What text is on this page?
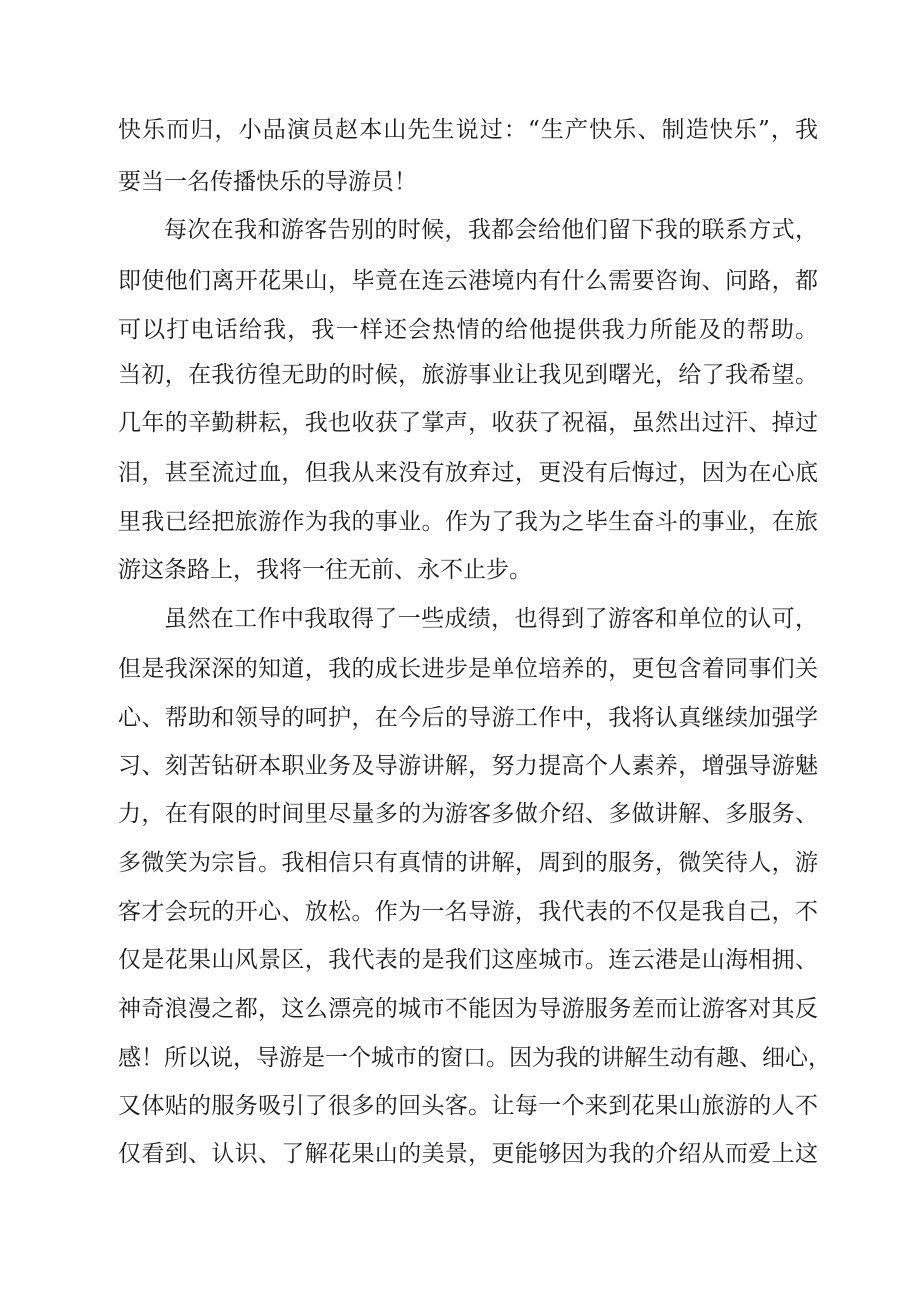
快乐而归，小品演员赵本山先生说过：“生产快乐、制造快乐”，我
要当一名传播快乐的导游员！
每次在我和游客告别的时候，我都会给他们留下我的联系方式，
即使他们离开花果山，毕竟在连云港境内有什么需要咨询、问路，都
可以打电话给我，我一样还会热情的给他提供我力所能及的帮助。
当初，在我彷徨无助的时候，旅游事业让我见到曙光，给了我希望。
几年的辛勤耕耘，我也收获了掌声，收获了祝福，虽然出过汗、掉过
泪，甚至流过血，但我从来没有放弃过，更没有后悔过，因为在心底
里我已经把旅游作为我的事业。作为了我为之毕生奋斗的事业，在旅
游这条路上，我将一往无前、永不止步。
虽然在工作中我取得了一些成绩，也得到了游客和单位的认可，
但是我深深的知道，我的成长进步是单位培养的，更包含着同事们关
心、帮助和领导的呵护，在今后的导游工作中，我将认真继续加强学
习、刻苦钻研本职业务及导游讲解，努力提高个人素养，增强导游魅
力，在有限的时间里尽量多的为游客多做介绍、多做讲解、多服务、
多微笑为宗旨。我相信只有真情的讲解，周到的服务，微笑待人，游
客才会玩的开心、放松。作为一名导游，我代表的不仅是我自己，不
仅是花果山风景区，我代表的是我们这座城市。连云港是山海相拥、
神奇浪漫之都，这么漂亮的城市不能因为导游服务差而让游客对其反
感！所以说，导游是一个城市的窗口。因为我的讲解生动有趣、细心，
又体贴的服务吸引了很多的回头客。让每一个来到花果山旅游的人不
仅看到、认识、了解花果山的美景，更能够因为我的介绍从而爱上这
